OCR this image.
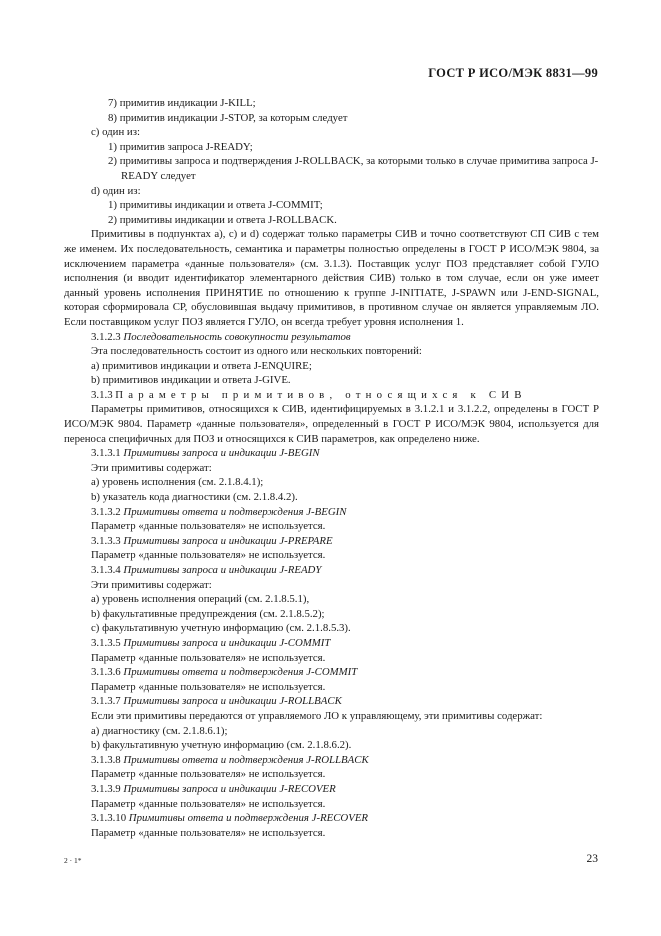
ГОСТ Р ИСО/МЭК 8831—99

7) примитив индикации J-KILL;

8) примитив индикации J-STOP, за которым следует

c) один из:

1) примитив запроса J-READY;

2) примитивы запроса и подтверждения J-ROLLBACK, за которыми только в случае примитива запроса J-READY следует

d) один из:

1) примитивы индикации и ответа J-COMMIT;

2) примитивы индикации и ответа J-ROLLBACK.

Примитивы в подпунктах а), с) и d) содержат только параметры СИВ и точно соответствуют СП СИВ с тем же именем. Их последовательность, семантика и параметры полностью определены в ГОСТ Р ИСО/МЭК 9804, за исключением параметра «данные пользователя» (см. 3.1.3). Поставщик услуг ПОЗ представляет собой ГУЛО исполнения (и вводит идентификатор элементарного действия СИВ) только в том случае, если он уже имеет данный уровень исполнения ПРИНЯТИЕ по отношению к группе J-INITIATE, J-SPAWN или J-END-SIGNAL, которая сформировала СР, обусловившая выдачу примитивов, в противном случае он является управляемым ЛО. Если поставщиком услуг ПОЗ является ГУЛО, он всегда требует уровня исполнения 1.

3.1.2.3 Последовательность совокупности результатов

Эта последовательность состоит из одного или нескольких повторений:

a) примитивов индикации и ответа J-ENQUIRE;

b) примитивов индикации и ответа J-GIVE.

3.1.3 Параметры примитивов, относящихся к СИВ

Параметры примитивов, относящихся к СИВ, идентифицируемых в 3.1.2.1 и 3.1.2.2, определены в ГОСТ Р ИСО/МЭК 9804. Параметр «данные пользователя», определенный в ГОСТ Р ИСО/МЭК 9804, используется для переноса специфичных для ПОЗ и относящихся к СИВ параметров, как определено ниже.

3.1.3.1 Примитивы запроса и индикации J-BEGIN

Эти примитивы содержат:

a) уровень исполнения (см. 2.1.8.4.1);

b) указатель кода диагностики (см. 2.1.8.4.2).

3.1.3.2 Примитивы ответа и подтверждения J-BEGIN

Параметр «данные пользователя» не используется.

3.1.3.3 Примитивы запроса и индикации J-PREPARE

Параметр «данные пользователя» не используется.

3.1.3.4 Примитивы запроса и индикации J-READY

Эти примитивы содержат:

a) уровень исполнения операций (см. 2.1.8.5.1),

b) факультативные предупреждения (см. 2.1.8.5.2);

c) факультативную учетную информацию (см. 2.1.8.5.3).

3.1.3.5 Примитивы запроса и индикации J-COMMIT

Параметр «данные пользователя» не используется.

3.1.3.6 Примитивы ответа и подтверждения J-COMMIT

Параметр «данные пользователя» не используется.

3.1.3.7 Примитивы запроса и индикации J-ROLLBACK

Если эти примитивы передаются от управляемого ЛО к управляющему, эти примитивы содержат:

a) диагностику (см. 2.1.8.6.1);

b) факультативную учетную информацию (см. 2.1.8.6.2).

3.1.3.8 Примитивы ответа и подтверждения J-ROLLBACK

Параметр «данные пользователя» не используется.

3.1.3.9 Примитивы запроса и индикации J-RECOVER

Параметр «данные пользователя» не используется.

3.1.3.10 Примитивы ответа и подтверждения J-RECOVER

Параметр «данные пользователя» не используется.

2 · 1*	23
